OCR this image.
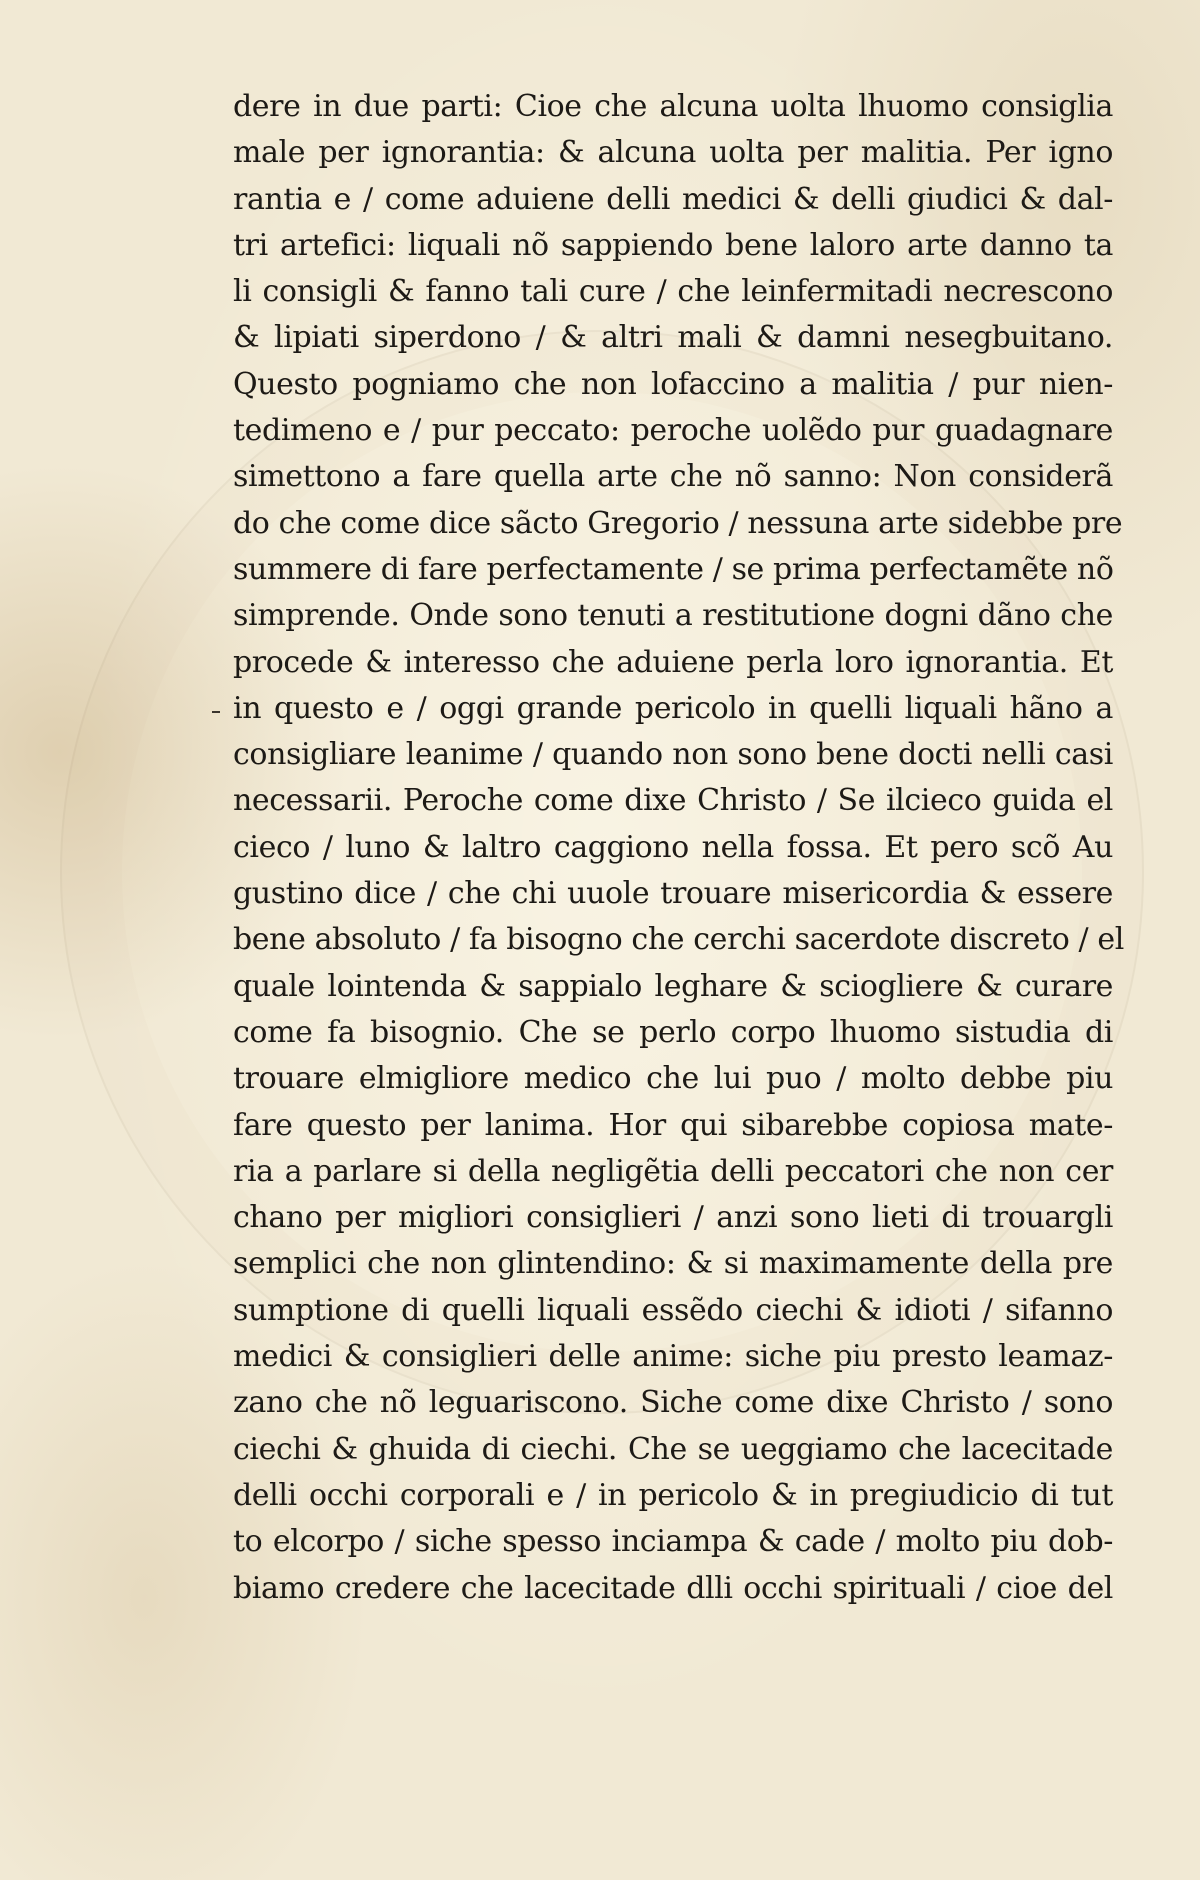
dere in due parti: Cioe che alcuna uolta lhuomo consiglia
male per ignorantia: & alcuna uolta per malitia. Per igno
rantia e / come aduiene delli medici & delli giudici & dal-
tri artefici: liquali nõ sappiendo bene laloro arte danno ta
li consigli & fanno tali cure / che leinfermitadi necrescono
& lipiati siperdono / & altri mali & damni nesegbuitano.
Questo pogniamo che non lofaccino a malitia / pur nien-
tedimeno e / pur peccato: peroche uolẽdo pur guadagnare
simettono a fare quella arte che nõ sanno: Non considerã
do che come dice sãcto Gregorio / nessuna arte sidebbe pre
summere di fare perfectamente / se prima perfectamẽte nõ
simprende. Onde sono tenuti a restitutione dogni dãno che
procede & interesso che aduiene perla loro ignorantia. Et
in questo e / oggi grande pericolo in quelli liquali hãno a
consigliare leanime / quando non sono bene docti nelli casi
necessarii. Peroche come dixe Christo / Se ilcieco guida el
cieco / luno & laltro caggiono nella fossa. Et pero scõ Au
gustino dice / che chi uuole trouare misericordia & essere
bene absoluto / fa bisogno che cerchi sacerdote discreto / el
quale lointenda & sappialo leghare & sciogliere & curare
come fa bisognio. Che se perlo corpo lhuomo sistudia di
trouare elmigliore medico che lui puo / molto debbe piu
fare questo per lanima. Hor qui sibarebbe copiosa mate-
ria a parlare si della negligẽtia delli peccatori che non cer
chano per migliori consiglieri / anzi sono lieti di trouargli
semplici che non glintendino: & si maximamente della pre
sumptione di quelli liquali essẽdo ciechi & idioti / sifanno
medici & consiglieri delle anime: siche piu presto leamaz-
zano che nõ leguariscono. Siche come dixe Christo / sono
ciechi & ghuida di ciechi. Che se ueggiamo che lacecitade
delli occhi corporali e / in pericolo & in pregiudicio di tut
to elcorpo / siche spesso inciampa & cade / molto piu dob-
biamo credere che lacecitade dlli occhi spirituali / cioe del
